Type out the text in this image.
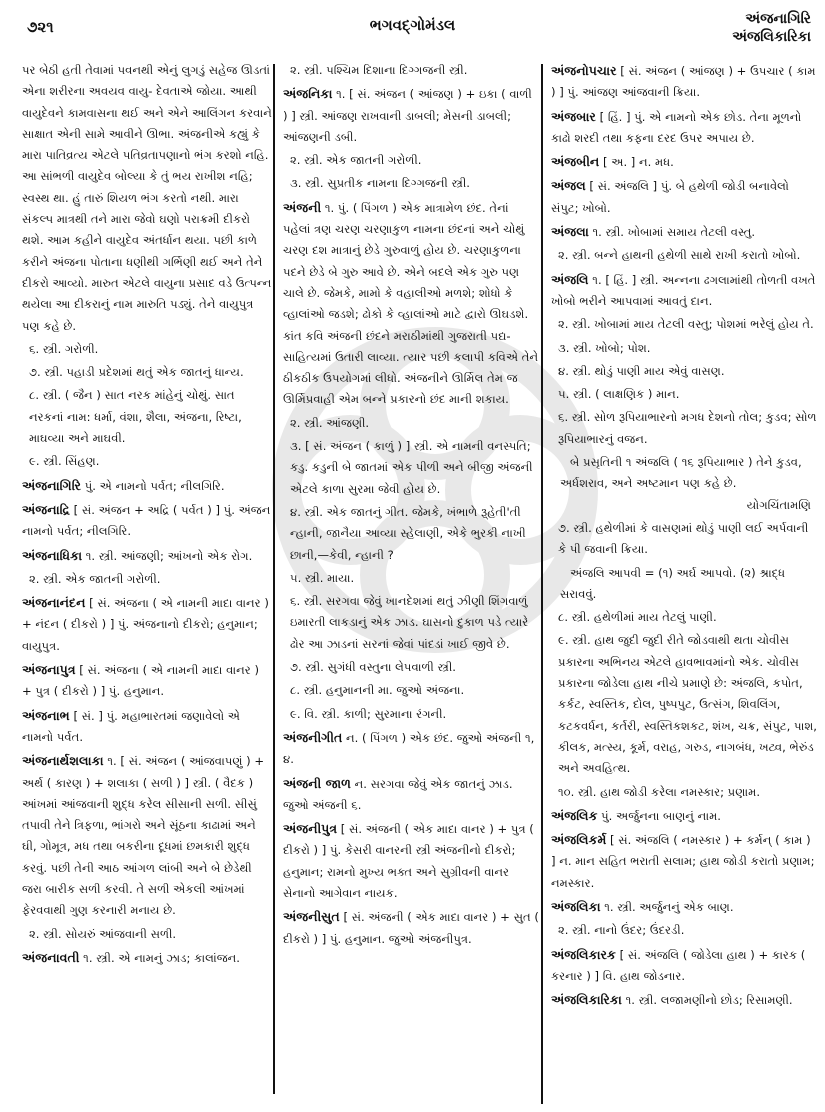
૭૨૧	ભગવદ્ગોમંડલ	અંજનાગિરિ
અંજલિકારિકા
પર બેઠી હતી તેવામાં પવનથી એનું લુગડું સહેજ ઊડતાં એના શરીરના અવયવ વાયુ- દેવતાએ જોયા. આથી વાયુદેવને કામવાસના થઈ અને એને આલિંગન કરવાને સાક્ષાત એની સામે આવીને ઊભા. અંજનીએ કહ્યું કે મારા પાતિવ્રત્ય એટલે પતિવ્રતાપણાનો ભંગ કરશો નહિ. આ સાંભળી વાયુદેવ બોલ્યા કે તું ભય રાખીશ નહિ; સ્વસ્થ થા. હું તારું શિયળ ભંગ કરતો નથી. મારા સંકલ્પ માત્રથી તને મારા જેવો ઘણો પરાક્રમી દીકરો થશે. આમ કહીને વાયુદેવ અંતર્ધાન થયા. પછી કાળે કરીને અંજના પોતાના ધણીથી ગર્ભિણી થઈ અને તેને દીકરો આવ્યો. મારુત એટલે વાયુના પ્રસાદ વડે ઉત્પન્ન થયેલા આ દીકરાનું નામ મારુતિ પડ્યું. તેને વાયુપુત્ર પણ કહે છે.
૬. સ્ત્રી. ગરોળી.
૭. સ્ત્રી. પહાડી પ્રદેશમાં થતું એક જાતનું ધાન્ય.
૮. સ્ત્રી. ( જૈન ) સાત નરક માંહેનું ચોથું. સાત નરકનાં નામ: ધર્મા, વંશા, શૈલા, અંજના, રિષ્ટા, માઘવ્યા અને માઘવી.
૯. સ્ત્રી. સિંહણ.
અંજનાગિરિ પું. એ નામનો પર્વત; નીલગિરિ.
અંજનાદ્રિ [ સં. અંજન + અદ્રિ ( પર્વત ) ] પું. અંજન નામનો પર્વત; નીલગિરિ.
અંજનાધિકા ૧. સ્ત્રી. આંજણી; આંખનો એક રોગ.
૨. સ્ત્રી. એક જાતની ગરોળી.
અંજનાનંદન [ સં. અંજના ( એ નામની માદા વાનર ) + નંદન ( દીકરો ) ] પું. અંજનાનો દીકરો; હનુમાન; વાયુપુત્ર.
અંજનાપુત્ર [ સં. અંજના ( એ નામની માદા વાનર ) + પુત્ર ( દીકરો ) ] પું. હનુમાન.
અંજનાભ [ સં. ] પું. મહાભારતમાં જણાવેલો એ નામનો પર્વત.
અંજનાર્થશલાકા ૧. [ સં. અંજન ( આંજવાપણું ) + અર્થ ( કારણ ) + શલાકા ( સળી ) ] સ્ત્રી. ( વૈદક ) આંખમાં આંજવાની શુદ્ધ કરેલ સીસાની સળી. સીસું તપાવી તેને ત્રિફળા, ભાંગરો અને સૂંઠના કાઢામાં અને ઘી, ગોમૂત્ર, મધ તથા બકરીના દૂધમાં છમકારી શુદ્ધ કરવું. પછી તેની આઠ આંગળ લાંબી અને બે છેડેથી જરા બારીક સળી કરવી. તે સળી એકલી આંખમાં ફેરવવાથી ગુણ કરનારી મનાય છે.
૨. સ્ત્રી. સોયરું આંજવાની સળી.
અંજનાવતી ૧. સ્ત્રી. એ નામનું ઝાડ; કાલાંજન.
૨. સ્ત્રી. પશ્ચિમ દિશાના દિગ્ગજની સ્ત્રી.
અંજનિકા ૧. [ સં. અંજન ( આંજણ ) + ઇકા ( વાળી ) ] સ્ત્રી. આંજણ રાખવાની ડાબલી; મેસની ડાબલી; આંજણની ડબી.
૨. સ્ત્રી. એક જાતની ગરોળી.
૩. સ્ત્રી. સુપ્રતીક નામના દિગ્ગજની સ્ત્રી.
અંજની ૧. પું. ( પિંગળ ) એક માત્રામેળ છંદ. તેનાં પહેલાં ત્રણ ચરણ ચરણાકુળ નામના છંદનાં અને ચોથું ચરણ દશ માત્રાનું છેડે ગુરુવાળું હોય છે. ચરણાકુળના પદને છેડે બે ગુરુ આવે છે. એને બદલે એક ગુરુ પણ ચાલે છે. જેમકે, મામો કે વહાલીઓ મળશે; શોધો કે વ્હાલાંઓ જડશે; ઢોકો કે વ્હાલાંઓ માટે દ્વારો ઊઘડશે. કાંત કવિ અંજની છંદને મરાઠીમાંથી ગુજરાતી પદ્ય- સાહિત્યમાં ઉતારી લાવ્યા. ત્યાર પછી કલાપી કવિએ તેને ઠીકઠીક ઉપયોગમાં લીધો. અંજનીને ઊર્મિલ તેમ જ ઊર્મિપ્રવાહી એમ બન્ને પ્રકારનો છંદ માની શકાય.
૨. સ્ત્રી. આંજણી.
૩. [ સં. અંજન ( કાળું ) ] સ્ત્રી. એ નામની વનસ્પતિ; કડુ. કડુની બે જાતમાં એક પીળી અને બીજી અંજની એટલે કાળા સુરમા જેવી હોય છે.
૪. સ્ત્રી. એક જાતનું ગીત. જેમકે, ખંભાળે રૂ્હેતી'તી ન્હાની, જાનૈયા આવ્યા સ્હેલાણી, એકે ભુરકી નાખી છાની,—કેવી, ન્હાની ?
૫. સ્ત્રી. માયા.
૬. સ્ત્રી. સરગવા જેવું ખાનદેશમાં થતું ઝીણી શિંગવાળું ઇમારતી લાકડાનું એક ઝાડ. ઘાસનો દુકાળ પડે ત્યારે ઢોર આ ઝાડનાં સરનાં જેવાં પાંદડાં ખાઈ જીવે છે.
૭. સ્ત્રી. સુગંધી વસ્તુના લેપવાળી સ્ત્રી.
૮. સ્ત્રી. હનુમાનની મા. જુઓ અંજના.
૯. વિ. સ્ત્રી. કાળી; સુરમાના રંગની.
અંજનીગીત ન. ( પિંગળ ) એક છંદ. જુઓ અંજની ૧, ૪.
અંજની જાળ ન. સરગવા જેવું એક જાતનું ઝાડ. જુઓ અંજની ૬.
અંજનીપુત્ર [ સં. અંજની ( એક માદા વાનર ) + પુત્ર ( દીકરો ) ] પું. કેસરી વાનરની સ્ત્રી અંજનીનો દીકરો; હનુમાન; રામનો મુખ્ય ભક્ત અને સુગ્રીવની વાનર સેનાનો આગેવાન નાયક.
અંજનીસુત [ સં. અંજની ( એક માદા વાનર ) + સુત ( દીકરો ) ] પું. હનુમાન. જુઓ અંજનીપુત્ર.
અંજનોપચાર [ સં. અંજન ( આંજણ ) + ઉપચાર ( કામ ) ] પું. આંજણ આંજવાની ક્રિયા.
અંજબાર [ હિં. ] પું. એ નામનો એક છોડ. તેના મૂળનો કાઢો શરદી તથા કફના દરદ ઉપર અપાય છે.
અંજબીન [ અ. ] ન. મધ.
અંજલ [ સં. અંજલિ ] પું. બે હથેળી જોડી બનાવેલો સંપુટ; ખોબો.
અંજલા ૧. સ્ત્રી. ખોબામાં સમાય તેટલી વસ્તુ.
૨. સ્ત્રી. બન્ને હાથની હથેળી સાથે રાખી કરાતો ખોબો.
અંજલિ ૧. [ હિં. ] સ્ત્રી. અન્નના ઢગલામાંથી તોળતી વખતે ખોબો ભરીને આપવામાં આવતું દાન.
૨. સ્ત્રી. ખોબામાં માય તેટલી વસ્તુ; પોશમાં ભરેલું હોય તે.
૩. સ્ત્રી. ખોબો; પોશ.
૪. સ્ત્રી. થોડું પાણી માય એવું વાસણ.
૫. સ્ત્રી. ( લાક્ષણિક ) માન.
૬. સ્ત્રી. સોળ રૂપિયાભારનો મગધ દેશનો તોલ; કુડવ; સોળ રૂપિયાભારનું વજન.
બે પ્રસૃતિની ૧ અંજલિ ( ૧૬ રૂપિયાભાર ) તેને કુડવ, અર્ધશરાવ, અને અષ્ટમાન પણ કહે છે.
યોગચિંતામણિ
૭. સ્ત્રી. હથેળીમાં કે વાસણમાં થોડું પાણી લઈ અર્પવાની કે પી જવાની ક્રિયા.
અંજલિ આપવી = (૧) અર્ઘ આપવો. (૨) શ્રાદ્ધ સરાવવું.
૮. સ્ત્રી. હથેળીમાં માય તેટલું પાણી.
૯. સ્ત્રી. હાથ જુદી જુદી રીતે જોડવાથી થતા ચોવીસ પ્રકારના અભિનય એટલે હાવભાવમાંનો એક. ચોવીસ પ્રકારના જોડેલા હાથ નીચે પ્રમાણે છે: અંજલિ, કપોત, કર્કટ, સ્વસ્તિક, દોલ, પુષ્પપુટ, ઉત્સંગ, શિવલિંગ, કટકવર્ધન, કર્તરી, સ્વસ્તિકશકટ, શંખ, ચક્ર, સંપુટ, પાશ, કીલક, મત્સ્ય, કૂર્મ, વરાહ, ગરુડ, નાગબંધ, ખટ્વ, ભેરુંડ અને અવહિત્થ.
૧૦. સ્ત્રી. હાથ જોડી કરેલા નમસ્કાર; પ્રણામ.
અંજલિક પું. અર્જુનના બાણનું નામ.
અંજલિકર્મ [ સં. અંજલિ ( નમસ્કાર ) + કર્મન્ ( કામ ) ] ન. માન સહિત ભરાતી સલામ; હાથ જોડી કરાતો પ્રણામ; નમસ્કાર.
અંજલિકા ૧. સ્ત્રી. અર્જુનનું એક બાણ.
૨. સ્ત્રી. નાનો ઉંદર; ઉંદરડી.
અંજલિકારક [ સં. અંજલિ ( જોડેલા હાથ ) + કારક ( કરનાર ) ] વિ. હાથ જોડનાર.
અંજલિકારિકા ૧. સ્ત્રી. લજામણીનો છોડ; રિસામણી.
